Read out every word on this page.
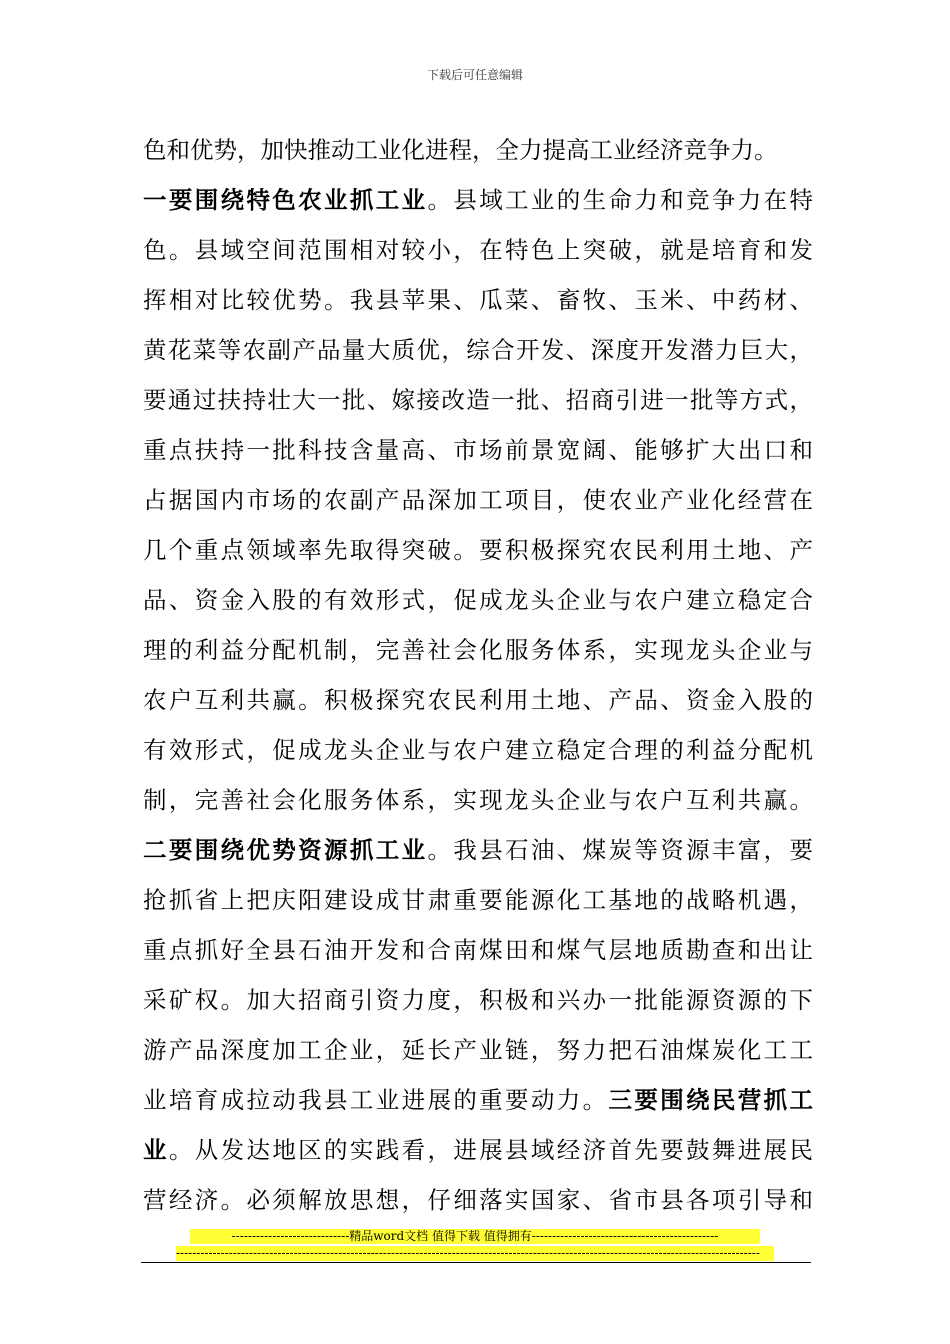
下载后可任意编辑
色和优势，加快推动工业化进程，全力提高工业经济竞争力。
一要围绕特色农业抓工业。县域工业的生命力和竞争力在特
色。县域空间范围相对较小，在特色上突破，就是培育和发
挥相对比较优势。我县苹果、瓜菜、畜牧、玉米、中药材、
黄花菜等农副产品量大质优，综合开发、深度开发潜力巨大，
要通过扶持壮大一批、嫁接改造一批、招商引进一批等方式，
重点扶持一批科技含量高、市场前景宽阔、能够扩大出口和
占据国内市场的农副产品深加工项目，使农业产业化经营在
几个重点领域率先取得突破。要积极探究农民利用土地、产
品、资金入股的有效形式，促成龙头企业与农户建立稳定合
理的利益分配机制，完善社会化服务体系，实现龙头企业与
农户互利共赢。积极探究农民利用土地、产品、资金入股的
有效形式，促成龙头企业与农户建立稳定合理的利益分配机
制，完善社会化服务体系，实现龙头企业与农户互利共赢。
二要围绕优势资源抓工业。我县石油、煤炭等资源丰富，要
抢抓省上把庆阳建设成甘肃重要能源化工基地的战略机遇，
重点抓好全县石油开发和合南煤田和煤气层地质勘查和出让
采矿权。加大招商引资力度，积极和兴办一批能源资源的下
游产品深度加工企业，延长产业链，努力把石油煤炭化工工
业培育成拉动我县工业进展的重要动力。三要围绕民营抓工
业。从发达地区的实践看，进展县域经济首先要鼓舞进展民
营经济。必须解放思想，仔细落实国家、省市县各项引导和
-----------------------------精品word文档 值得下载 值得拥有----------------------------------------------
------------------------------------------------------------------------------------------------------------------------------------------------
